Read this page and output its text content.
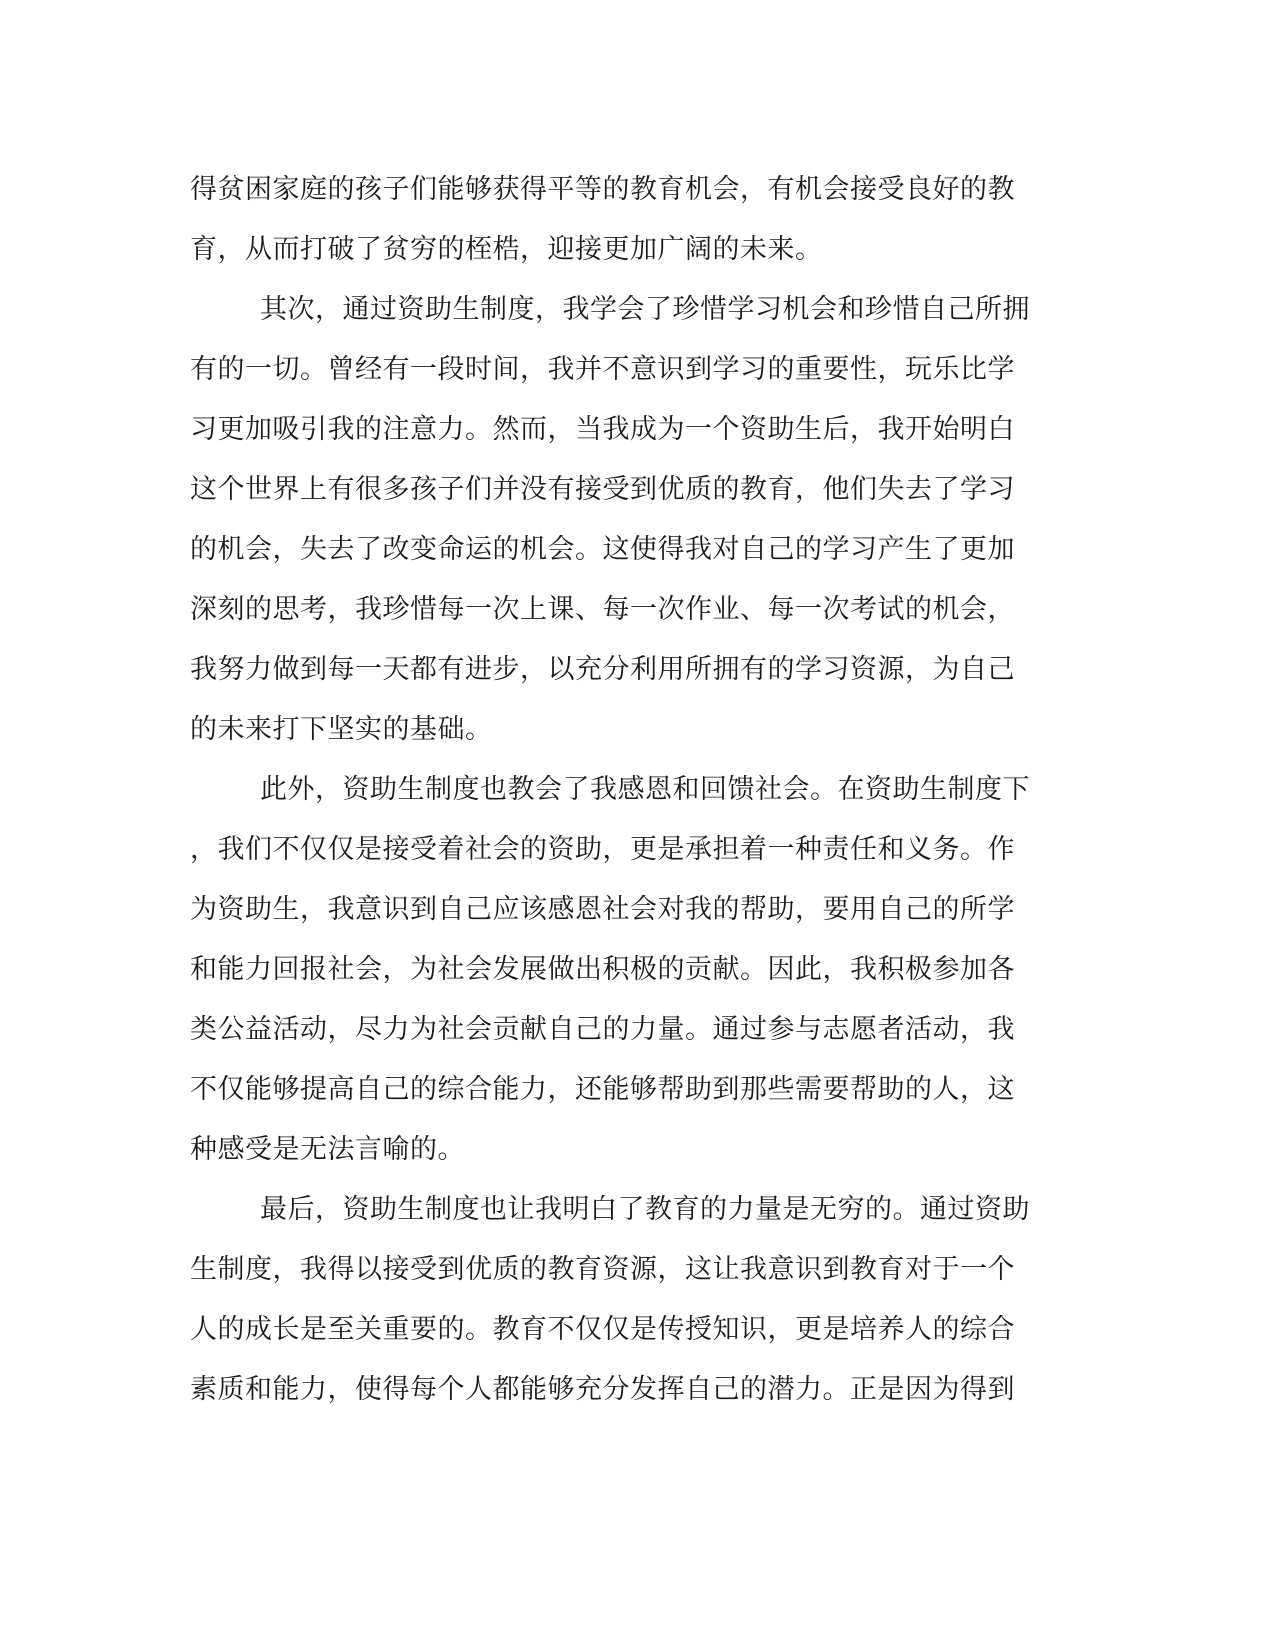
得贫困家庭的孩子们能够获得平等的教育机会，有机会接受良好的教
育，从而打破了贫穷的桎梏，迎接更加广阔的未来。
其次，通过资助生制度，我学会了珍惜学习机会和珍惜自己所拥
有的一切。曾经有一段时间，我并不意识到学习的重要性，玩乐比学
习更加吸引我的注意力。然而，当我成为一个资助生后，我开始明白
这个世界上有很多孩子们并没有接受到优质的教育，他们失去了学习
的机会，失去了改变命运的机会。这使得我对自己的学习产生了更加
深刻的思考，我珍惜每一次上课、每一次作业、每一次考试的机会，
我努力做到每一天都有进步，以充分利用所拥有的学习资源，为自己
的未来打下坚实的基础。
此外，资助生制度也教会了我感恩和回馈社会。在资助生制度下
，我们不仅仅是接受着社会的资助，更是承担着一种责任和义务。作
为资助生，我意识到自己应该感恩社会对我的帮助，要用自己的所学
和能力回报社会，为社会发展做出积极的贡献。因此，我积极参加各
类公益活动，尽力为社会贡献自己的力量。通过参与志愿者活动，我
不仅能够提高自己的综合能力，还能够帮助到那些需要帮助的人，这
种感受是无法言喻的。
最后，资助生制度也让我明白了教育的力量是无穷的。通过资助
生制度，我得以接受到优质的教育资源，这让我意识到教育对于一个
人的成长是至关重要的。教育不仅仅是传授知识，更是培养人的综合
素质和能力，使得每个人都能够充分发挥自己的潜力。正是因为得到
